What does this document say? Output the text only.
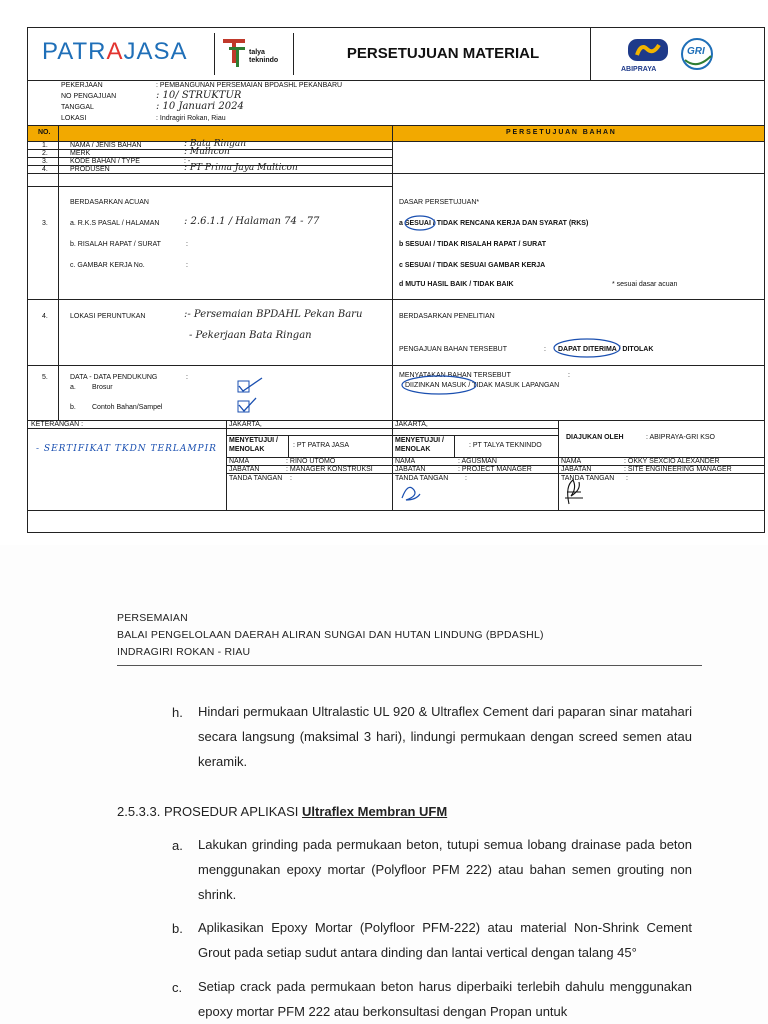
PATRAJASA	talya teknindo	PERSETUJUAN MATERIAL
ABIPRAYA
GRI
PEKERJAAN	: PEMBANGUNAN PERSEMAIAN BPDASHL PEKANBARU
NO PENGAJUAN	: 10/ STRUKTUR
TANGGAL	: 10 Januari 2024
LOKASI	: Indragiri Rokan, Riau
NO.	P E R S E T U J U A N   B A H A N
1.	NAMA / JENIS BAHAN	: Bata Ringan
2.	MERK	: Mulhcon
3.	KODE BAHAN / TYPE	: -
4.	PRODUSEN	: PT Prima Jaya Multicon
BERDASARKAN ACUAN
3.	a. R.K.S PASAL / HALAMAN : 2.6.1.1 / Halaman 74 - 77
b. RISALAH RAPAT / SURAT	:
c. GAMBAR KERJA No.	:
DASAR PERSETUJUAN*
a SESUAI / TIDAK RENCANA KERJA DAN SYARAT (RKS)
b SESUAI / TIDAK RISALAH RAPAT / SURAT
c SESUAI / TIDAK SESUAI GAMBAR KERJA
d MUTU HASIL BAIK / TIDAK BAIK	* sesuai dasar acuan
4.	LOKASI PERUNTUKAN	:- Persemaian BPDAHL Pekan Baru
- Pekerjaan Bata Ringan
BERDASARKAN PENELITIAN
PENGAJUAN BAHAN TERSEBUT	: DAPAT DITERIMA / DITOLAK
5.	DATA - DATA PENDUKUNG	:
a. Brosur
b. Contoh Bahan/Sampel
MENYATAKAN BAHAN TERSEBUT	:
DIIZINKAN MASUK / TIDAK MASUK LAPANGAN
KETERANGAN :
- SERTIFIKAT TKDN TERLAMPIR
JAKARTA,
MENYETUJUI /
MENOLAK
: PT PATRA JASA
NAMA	: RINO UTOMO
JABATAN	: MANAGER KONSTRUKSI
TANDA TANGAN :
JAKARTA,
MENYETUJUI /
MENOLAK
: PT TALYA TEKNINDO
NAMA	: AGUSMAN
JABATAN	: PROJECT MANAGER
TANDA TANGAN :
DIAJUKAN OLEH	: ABIPRAYA-GRI KSO
NAMA	: OKKY SEXCIO ALEXANDER
JABATAN	: SITE ENGINEERING MANAGER
TANDA TANGAN :
PERSEMAIAN
BALAI PENGELOLAAN DAERAH ALIRAN SUNGAI DAN HUTAN LINDUNG (BPDASHL)
INDRAGIRI ROKAN - RIAU
h. Hindari permukaan Ultralastic UL 920 & Ultraflex Cement dari paparan sinar matahari secara langsung (maksimal 3 hari), lindungi permukaan dengan screed semen atau keramik.
2.5.3.3. PROSEDUR APLIKASI Ultraflex Membran UFM
a. Lakukan grinding pada permukaan beton, tutupi semua lobang drainase pada beton menggunakan epoxy mortar (Polyfloor PFM 222) atau bahan semen grouting non shrink.
b. Aplikasikan Epoxy Mortar (Polyfloor PFM-222) atau material Non-Shrink Cement Grout pada setiap sudut antara dinding dan lantai vertical dengan talang 45°
c. Setiap crack pada permukaan beton harus diperbaiki terlebih dahulu menggunakan epoxy mortar PFM 222 atau berkonsultasi dengan Propan untuk
